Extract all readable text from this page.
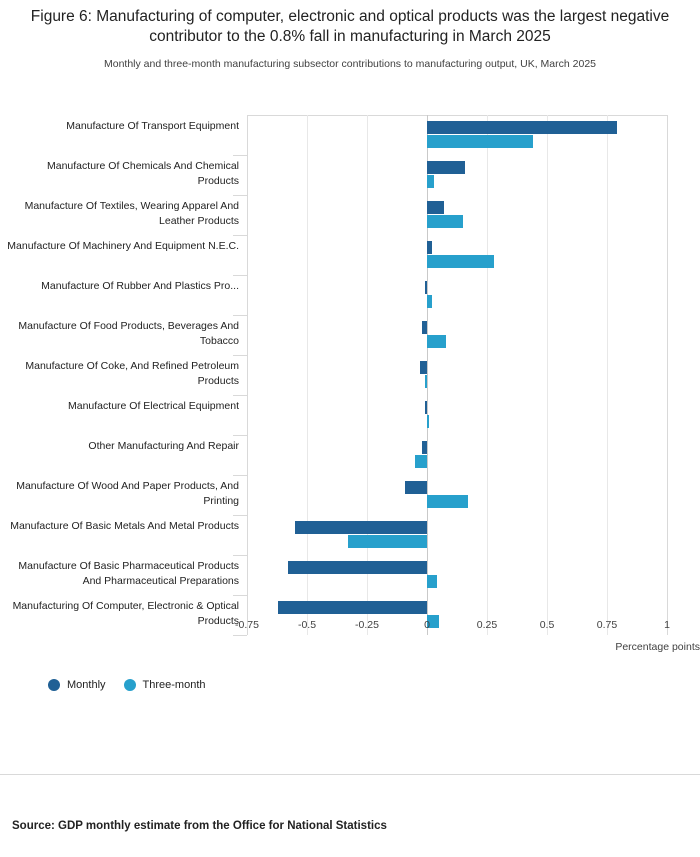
Figure 6: Manufacturing of computer, electronic and optical products was the largest negative contributor to the 0.8% fall in manufacturing in March 2025
Monthly and three-month manufacturing subsector contributions to manufacturing output, UK, March 2025
Manufacture Of Transport Equipment
Manufacture Of Chemicals And Chemical Products
Manufacture Of Textiles, Wearing Apparel And Leather Products
Manufacture Of Machinery And Equipment N.E.C.
Manufacture Of Rubber And Plastics Pro...
Manufacture Of Food Products, Beverages And Tobacco
Manufacture Of Coke, And Refined Petroleum Products
Manufacture Of Electrical Equipment
Other Manufacturing And Repair
Manufacture Of Wood And Paper Products, And Printing
Manufacture Of Basic Metals And Metal Products
Manufacture Of Basic Pharmaceutical Products And Pharmaceutical Preparations
Manufacturing Of Computer, Electronic & Optical Products
-0.75	-0.5	-0.25	0	0.25	0.5	0.75	1
Percentage points
Monthly	Three-month
Source: GDP monthly estimate from the Office for National Statistics
